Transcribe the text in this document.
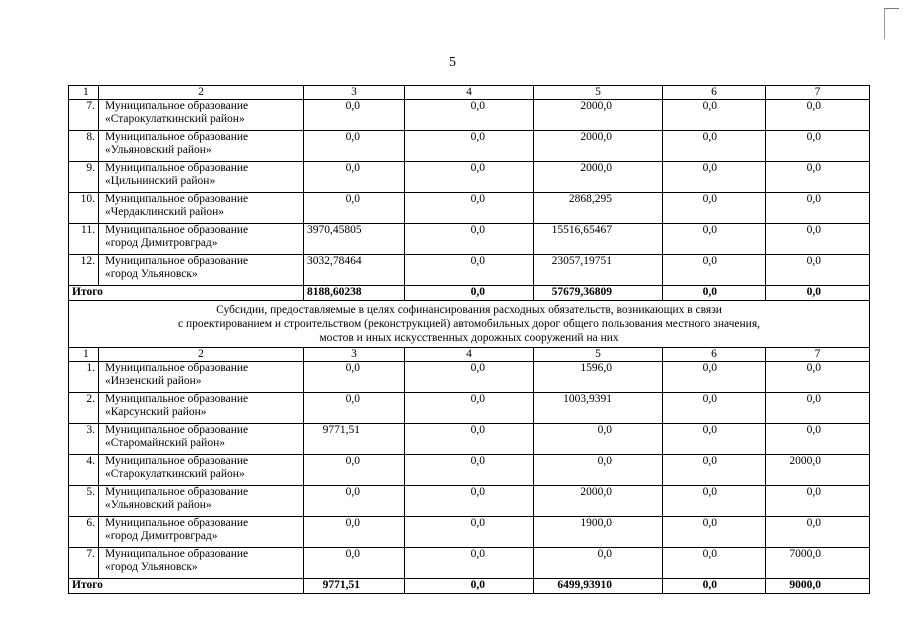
5
1	2	3	4	5	6	7
7.	Муниципальное образование
«Старокулаткинский район»	0,0	0,0	2000,0	0,0	0,0
8.	Муниципальное образование
«Ульяновский район»	0,0	0,0	2000,0	0,0	0,0
9.	Муниципальное образование
«Цильнинский район»	0,0	0,0	2000,0	0,0	0,0
10.	Муниципальное образование
«Чердаклинский район»	0,0	0,0	2868,295	0,0	0,0
11.	Муниципальное образование
«город Димитровград»	3970,45805	0,0	15516,65467	0,0	0,0
12.	Муниципальное образование
«город Ульяновск»	3032,78464	0,0	23057,19751	0,0	0,0
Итого		8188,60238	0,0	57679,36809	0,0	0,0

Субсидии, предоставляемые в целях софинансирования расходных обязательств, возникающих в связи
с проектированием и строительством (реконструкцией) автомобильных дорог общего пользования местного значения,
мостов и иных искусственных дорожных сооружений на них						

1	2	3	4	5	6	7
1.	Муниципальное образование
«Инзенский район»	0,0	0,0	1596,0	0,0	0,0
2.	Муниципальное образование
«Карсунский район»	0,0	0,0	1003,9391	0,0	0,0
3.	Муниципальное образование
«Старомайнский район»	9771,51	0,0	0,0	0,0	0,0
4.	Муниципальное образование
«Старокулаткинский район»	0,0	0,0	0,0	0,0	2000,0
5.	Муниципальное образование
«Ульяновский район»	0,0	0,0	2000,0	0,0	0,0
6.	Муниципальное образование
«город Димитровград»	0,0	0,0	1900,0	0,0	0,0
7.	Муниципальное образование
«город Ульяновск»	0,0	0,0	0,0	0,0	7000,0
Итого		9771,51	0,0	6499,93910	0,0	9000,0
